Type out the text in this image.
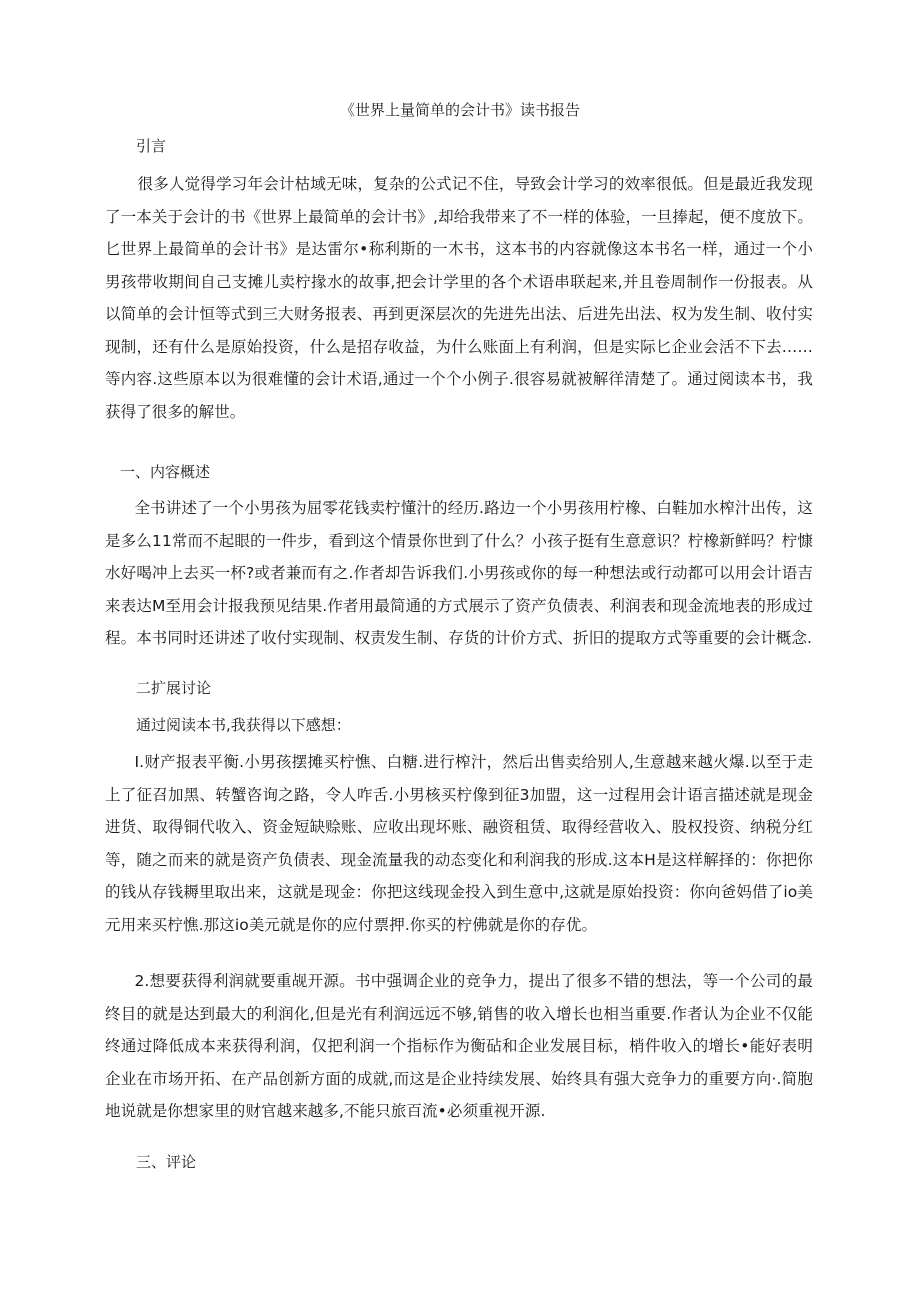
《世界上量简单的会计书》读书报告
引言
很多人觉得学习年会计枯域无味，复杂的公式记不住，导致会计学习的效率很低。但是最近我发现了一本关于会计的书《世界上最简单的会计书》,却给我带来了不一样的体验，一旦捧起，便不度放下。匕世界上最简单的会计书》是达雷尔•称利斯的一木书，这本书的内容就像这本书名一样，通过一个小男孩带收期间自己支摊儿卖柠掾水的故事,把会计学里的各个术语串联起来,并且卷周制作一份报表。从以简单的会计恒等式到三大财务报表、再到更深层次的先进先出法、后进先出法、权为发生制、收付实现制，还有什么是原始投资，什么是招存收益，为什么账面上有利润，但是实际匕企业会活不下去……等内容.这些原本以为很难懂的会计术语,通过一个个小例子.很容易就被解徉清楚了。通过阅读本书，我获得了很多的解世。
一、内容概述
全书讲述了一个小男孩为屈零花钱卖柠懂汁的经历.路边一个小男孩用柠橡、白鞋加水榨汁出传，这是多么11常而不起眼的一件步，看到这个情景你世到了什么？小孩子挺有生意意识？柠橡新鲜吗？柠慷水好喝冲上去买一杯?或者兼而有之.作者却告诉我们.小男孩或你的每一种想法或行动都可以用会计语吉来表达M至用会计报我预见结果.作者用最简通的方式展示了资产负债表、利润表和现金流地表的形成过程。本书同时还讲述了收付实现制、权责发生制、存货的计价方式、折旧的提取方式等重要的会计概念.
二扩展讨论
通过阅读本书,我获得以下感想：
I.财产报表平衡.小男孩摆摊买柠憔、白糖.进行榨汁，然后出售卖给别人,生意越来越火爆.以至于走上了征召加黑、转蟹咨询之路，令人咋舌.小男核买柠像到征3加盟，这一过程用会计语言描述就是现金进货、取得铜代收入、资金短缺赊账、应收出现坏账、融资租赁、取得经营收入、股权投资、纳税分红等，随之而来的就是资产负债表、现金流量我的动态变化和利润我的形成.这本H是这样解择的：你把你的钱从存钱耨里取出来，这就是现金：你把这线现金投入到生意中,这就是原始投资：你向爸妈借了io美元用来买柠憔.那这io美元就是你的应付票押.你买的柠佛就是你的存优。
2.想要获得利润就要重觇开源。书中强调企业的竞争力，提出了很多不错的想法，等一个公司的最终目的就是达到最大的利润化,但是光有利润远远不够,销售的收入增长也相当重要.作者认为企业不仅能终通过降低成本来获得利润，仅把利润一个指标作为衡砧和企业发展目标，梢件收入的增长•能好表明企业在市场开拓、在产品创新方面的成就,而这是企业持续发展、始终具有强大竞争力的重要方向·.简胞地说就是你想家里的财官越来越多,不能只旅百流•必须重视开源.
三、评论
